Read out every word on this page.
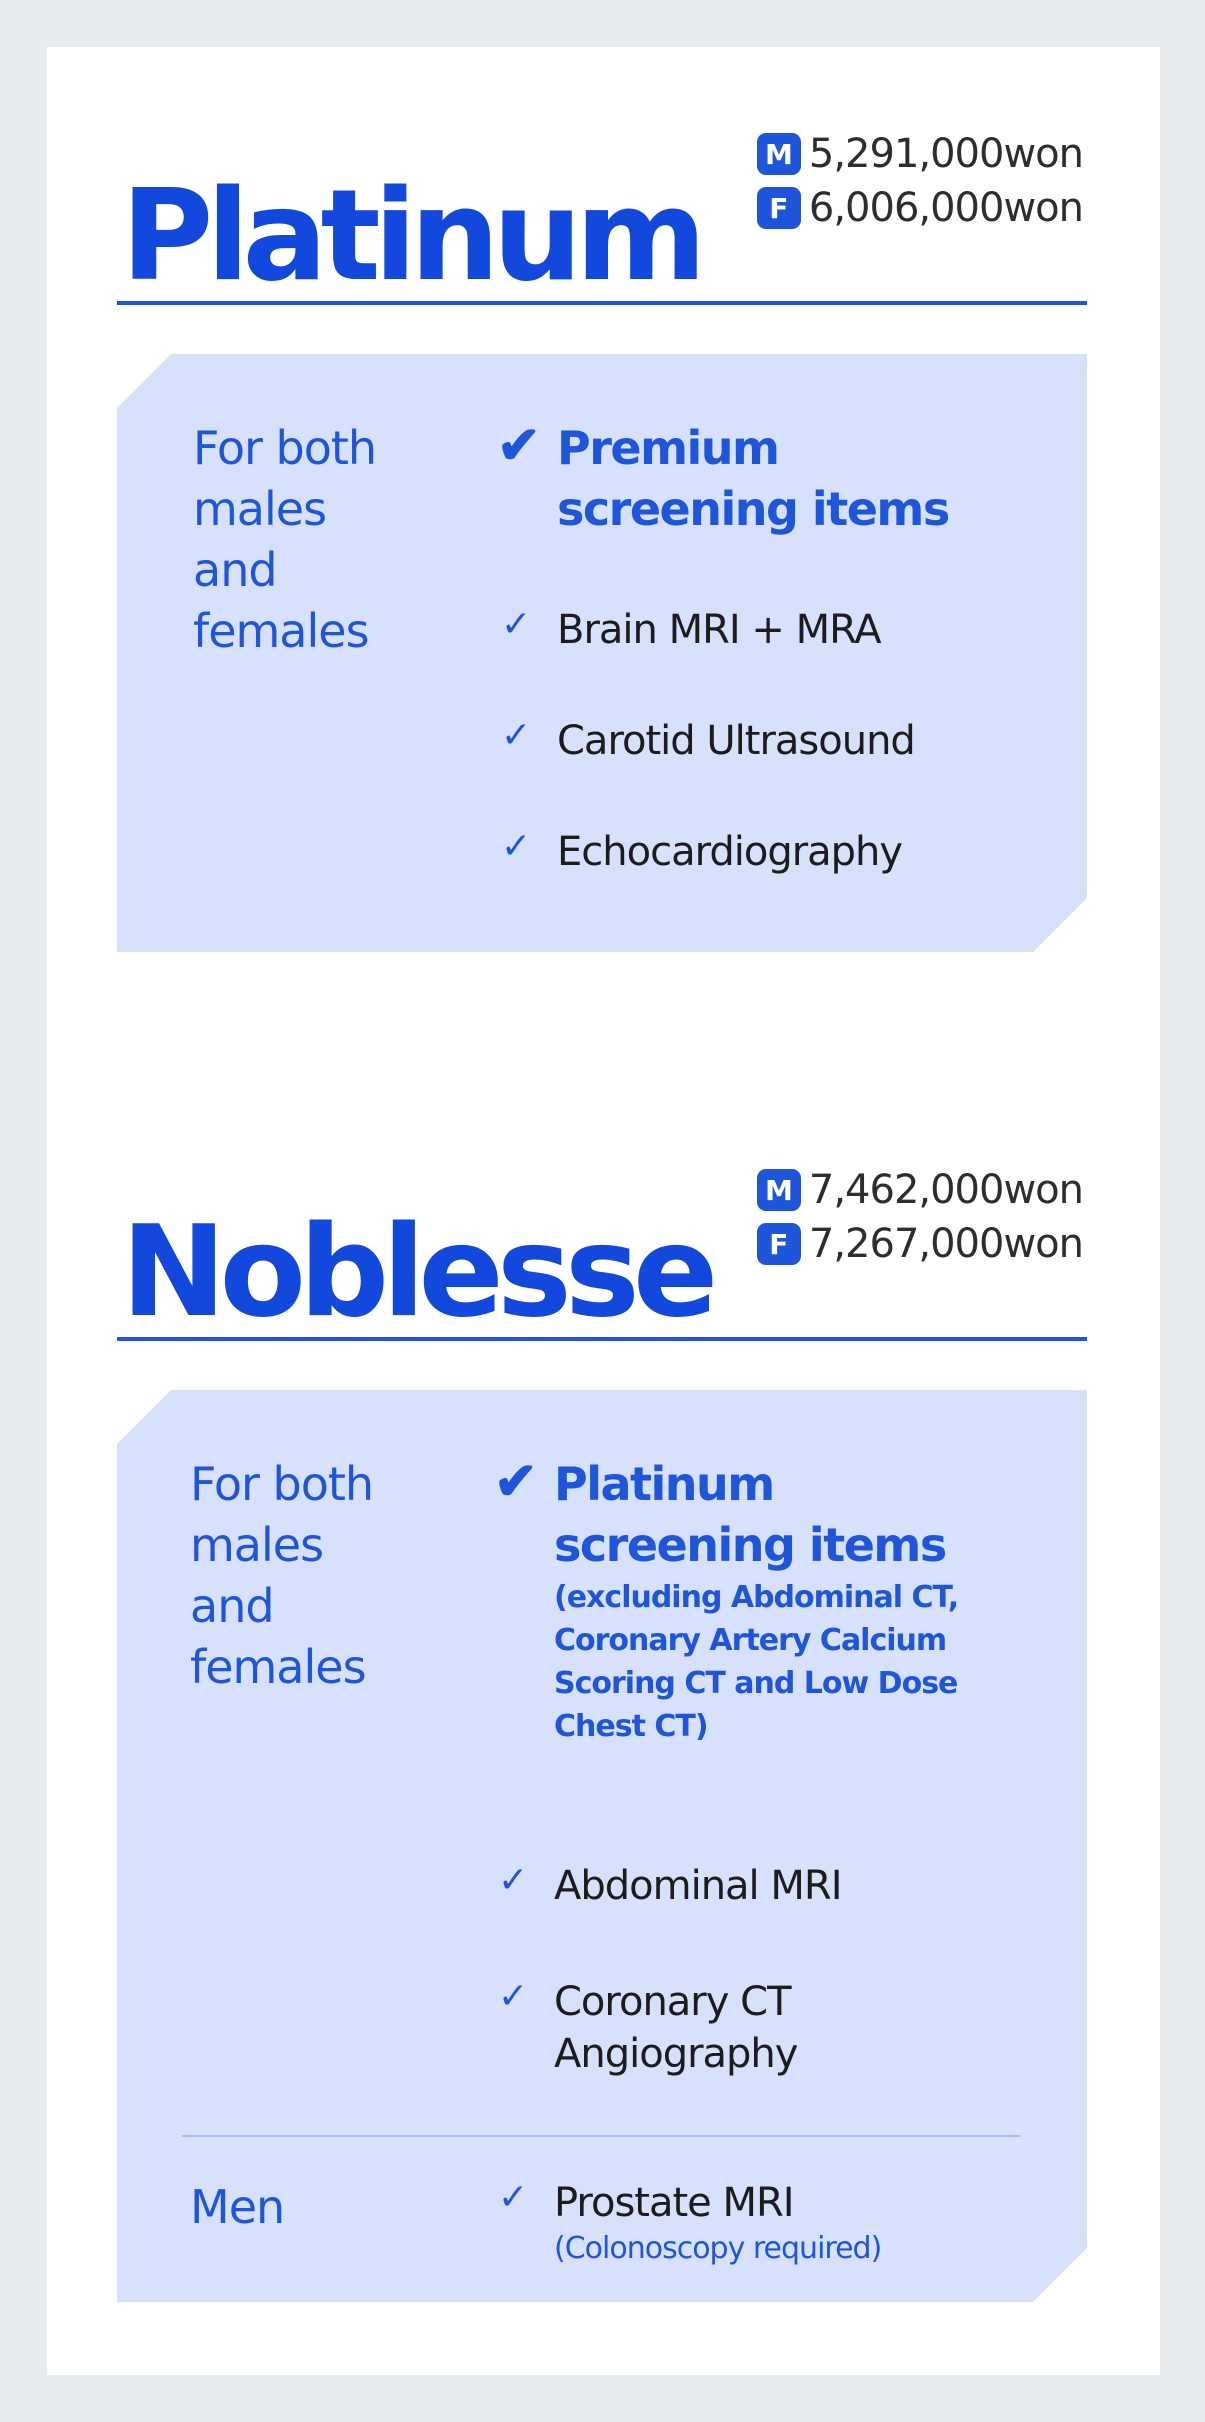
Platinum
M 5,291,000won
F 6,006,000won
For both
males
and
females
✔ Premium
screening items
✓ Brain MRI + MRA
✓ Carotid Ultrasound
✓ Echocardiography
Noblesse
M 7,462,000won
F 7,267,000won
For both
males
and
females
✔ Platinum
screening items
(excluding Abdominal CT,
Coronary Artery Calcium
Scoring CT and Low Dose
Chest CT)
✓ Abdominal MRI
✓ Coronary CT
Angiography
Men	✓ Prostate MRI
(Colonoscopy required)
